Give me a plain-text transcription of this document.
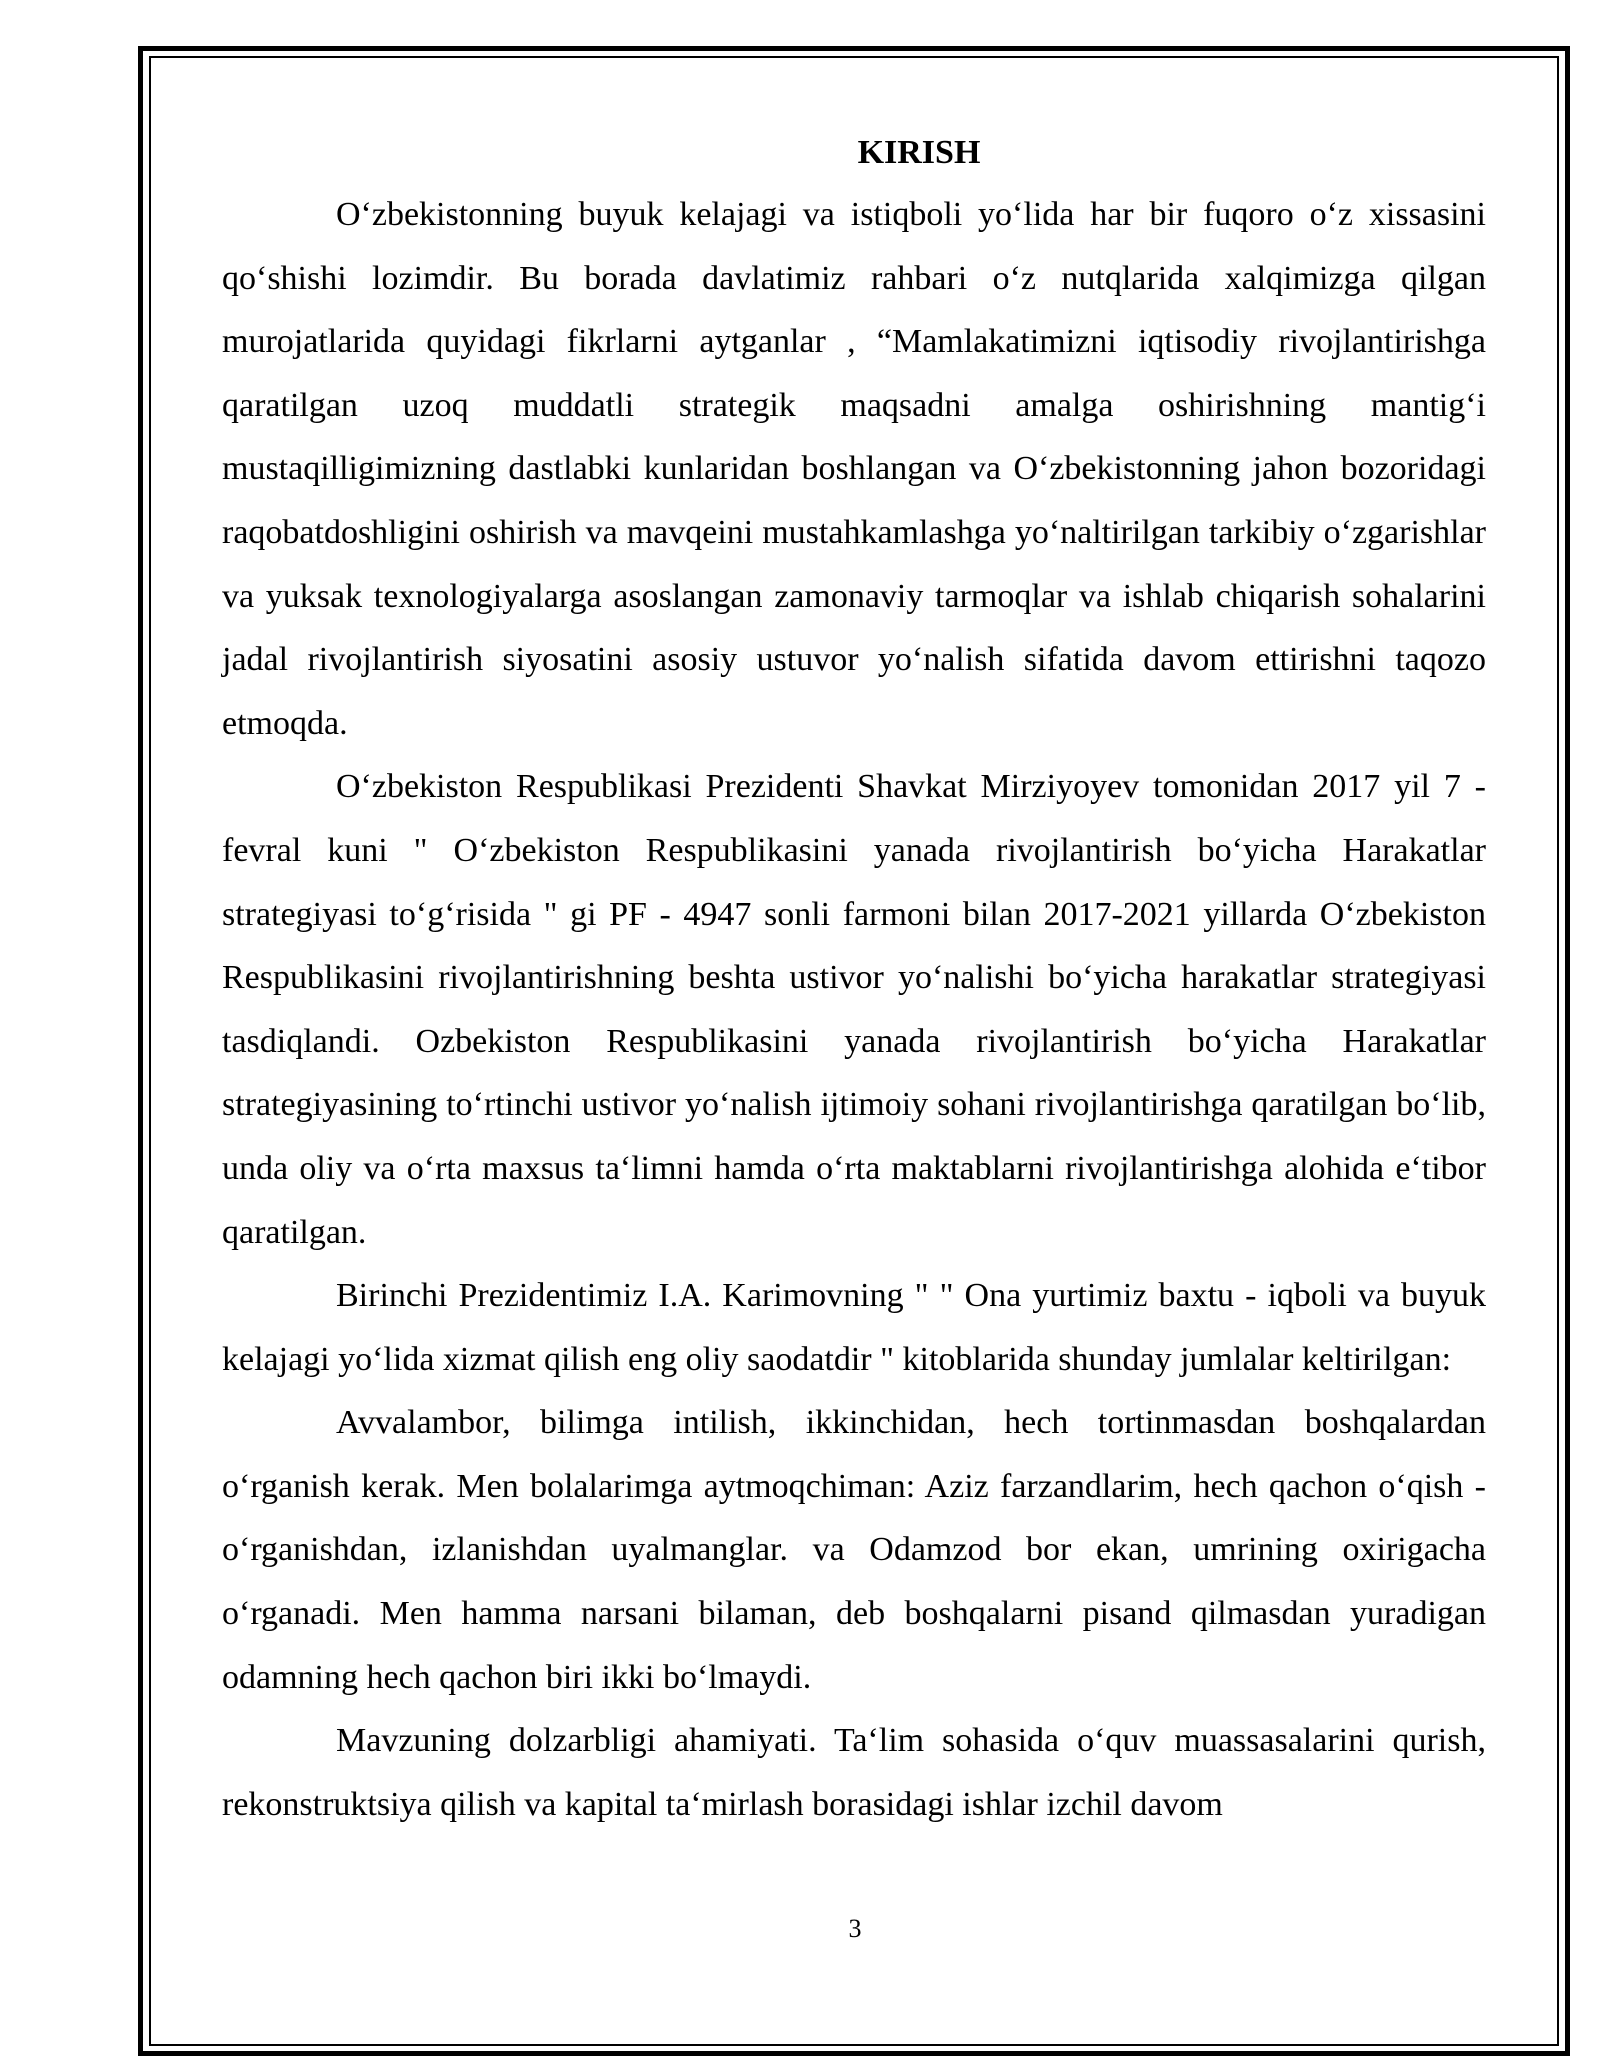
KIRISH

O‘zbekistonning buyuk kelajagi va istiqboli yo‘lida har bir fuqoro o‘z xissasini qo‘shishi lozimdir. Bu borada davlatimiz rahbari o‘z nutqlarida xalqimizga qilgan murojatlarida quyidagi fikrlarni aytganlar , “Mamlakatimizni iqtisodiy rivojlantirishga qaratilgan uzoq muddatli strategik maqsadni amalga oshirishning mantig‘i mustaqilligimizning dastlabki kunlaridan boshlangan va O‘zbekistonning jahon bozoridagi raqobatdoshligini oshirish va mavqeini mustahkamlashga yo‘naltirilgan tarkibiy o‘zgarishlar va yuksak texnologiyalarga asoslangan zamonaviy tarmoqlar va ishlab chiqarish sohalarini jadal rivojlantirish siyosatini asosiy ustuvor yo‘nalish sifatida davom ettirishni taqozo etmoqda.

O‘zbekiston Respublikasi Prezidenti Shavkat Mirziyoyev tomonidan 2017 yil 7 - fevral kuni " O‘zbekiston Respublikasini yanada rivojlantirish bo‘yicha Harakatlar strategiyasi to‘g‘risida " gi PF - 4947 sonli farmoni bilan 2017-2021 yillarda O‘zbekiston Respublikasini rivojlantirishning beshta ustivor yo‘nalishi bo‘yicha harakatlar strategiyasi tasdiqlandi. Ozbekiston Respublikasini yanada rivojlantirish bo‘yicha Harakatlar strategiyasining to‘rtinchi ustivor yo‘nalish ijtimoiy sohani rivojlantirishga qaratilgan bo‘lib, unda oliy va o‘rta maxsus ta‘limni hamda o‘rta maktablarni rivojlantirishga alohida e‘tibor qaratilgan.

Birinchi Prezidentimiz I.A. Karimovning " " Ona yurtimiz baxtu - iqboli va buyuk kelajagi yo‘lida xizmat qilish eng oliy saodatdir " kitoblarida shunday jumlalar keltirilgan:

Avvalambor, bilimga intilish, ikkinchidan, hech tortinmasdan boshqalardan o‘rganish kerak. Men bolalarimga aytmoqchiman: Aziz farzandlarim, hech qachon o‘qish - o‘rganishdan, izlanishdan uyalmanglar. va Odamzod bor ekan, umrining oxirigacha o‘rganadi. Men hamma narsani bilaman, deb boshqalarni pisand qilmasdan yuradigan odamning hech qachon biri ikki bo‘lmaydi.

Mavzuning dolzarbligi ahamiyati. Ta‘lim sohasida o‘quv muassasalarini qurish, rekonstruktsiya qilish va kapital ta‘mirlash borasidagi ishlar izchil davom

3
